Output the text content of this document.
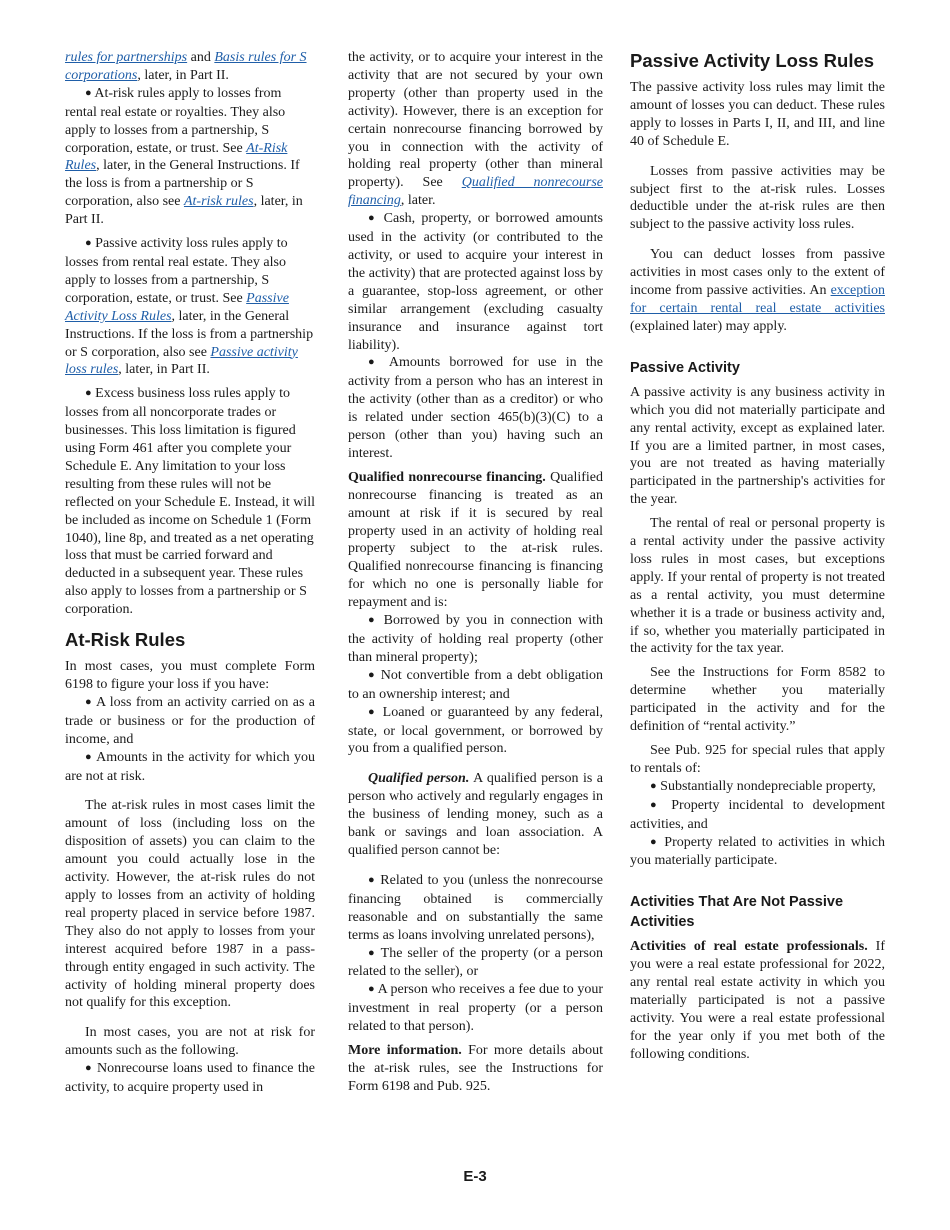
rules for partnerships and Basis rules for S corporations, later, in Part II.

● At-risk rules apply to losses from rental real estate or royalties. They also apply to losses from a partnership, S corporation, estate, or trust. See At-Risk Rules, later, in the General Instructions. If the loss is from a partnership or S corporation, also see At-risk rules, later, in Part II.

● Passive activity loss rules apply to losses from rental real estate. They also apply to losses from a partnership, S corporation, estate, or trust. See Passive Activity Loss Rules, later, in the General Instructions. If the loss is from a partnership or S corporation, also see Passive activity loss rules, later, in Part II.

● Excess business loss rules apply to losses from all noncorporate trades or businesses. This loss limitation is figured using Form 461 after you complete your Schedule E. Any limitation to your loss resulting from these rules will not be reflected on your Schedule E. Instead, it will be included as income on Schedule 1 (Form 1040), line 8p, and treated as a net operating loss that must be carried forward and deducted in a subsequent year. These rules also apply to losses from a partnership or S corporation.

At-Risk Rules

In most cases, you must complete Form 6198 to figure your loss if you have:

● A loss from an activity carried on as a trade or business or for the production of income, and

● Amounts in the activity for which you are not at risk.

The at-risk rules in most cases limit the amount of loss (including loss on the disposition of assets) you can claim to the amount you could actually lose in the activity. However, the at-risk rules do not apply to losses from an activity of holding real property placed in service before 1987. They also do not apply to losses from your interest acquired before 1987 in a pass-through entity engaged in such activity. The activity of holding mineral property does not qualify for this exception.

In most cases, you are not at risk for amounts such as the following.

● Nonrecourse loans used to finance the activity, to acquire property used in

the activity, or to acquire your interest in the activity that are not secured by your own property (other than property used in the activity). However, there is an exception for certain nonrecourse financing borrowed by you in connection with the activity of holding real property (other than mineral property). See Qualified nonrecourse financing, later.

● Cash, property, or borrowed amounts used in the activity (or contributed to the activity, or used to acquire your interest in the activity) that are protected against loss by a guarantee, stop-loss agreement, or other similar arrangement (excluding casualty insurance and insurance against tort liability).

● Amounts borrowed for use in the activity from a person who has an interest in the activity (other than as a creditor) or who is related under section 465(b)(3)(C) to a person (other than you) having such an interest.

Qualified nonrecourse financing. Qualified nonrecourse financing is treated as an amount at risk if it is secured by real property used in an activity of holding real property subject to the at-risk rules. Qualified nonrecourse financing is financing for which no one is personally liable for repayment and is:

● Borrowed by you in connection with the activity of holding real property (other than mineral property);

● Not convertible from a debt obligation to an ownership interest; and

● Loaned or guaranteed by any federal, state, or local government, or borrowed by you from a qualified person.

Qualified person. A qualified person is a person who actively and regularly engages in the business of lending money, such as a bank or savings and loan association. A qualified person cannot be:

● Related to you (unless the nonrecourse financing obtained is commercially reasonable and on substantially the same terms as loans involving unrelated persons),

● The seller of the property (or a person related to the seller), or

● A person who receives a fee due to your investment in real property (or a person related to that person).

More information. For more details about the at-risk rules, see the Instructions for Form 6198 and Pub. 925.

Passive Activity Loss Rules

The passive activity loss rules may limit the amount of losses you can deduct. These rules apply to losses in Parts I, II, and III, and line 40 of Schedule E.

Losses from passive activities may be subject first to the at-risk rules. Losses deductible under the at-risk rules are then subject to the passive activity loss rules.

You can deduct losses from passive activities in most cases only to the extent of income from passive activities. An exception for certain rental real estate activities (explained later) may apply.

Passive Activity

A passive activity is any business activity in which you did not materially participate and any rental activity, except as explained later. If you are a limited partner, in most cases, you are not treated as having materially participated in the partnership's activities for the year.

The rental of real or personal property is a rental activity under the passive activity loss rules in most cases, but exceptions apply. If your rental of property is not treated as a rental activity, you must determine whether it is a trade or business activity and, if so, whether you materially participated in the activity for the tax year.

See the Instructions for Form 8582 to determine whether you materially participated in the activity and for the definition of “rental activity.”

See Pub. 925 for special rules that apply to rentals of:

● Substantially nondepreciable property,

● Property incidental to development activities, and

● Property related to activities in which you materially participate.

Activities That Are Not Passive Activities

Activities of real estate professionals. If you were a real estate professional for 2022, any rental real estate activity in which you materially participated is not a passive activity. You were a real estate professional for the year only if you met both of the following conditions.

E-3
